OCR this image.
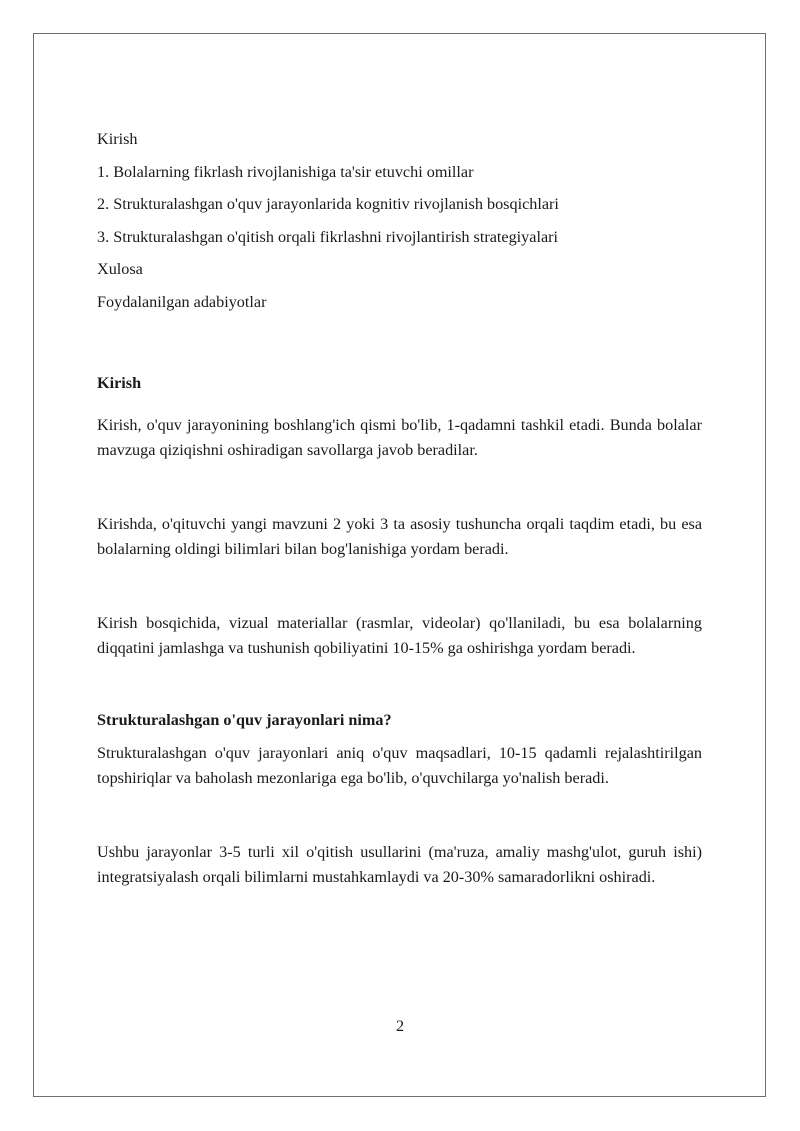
Kirish
1. Bolalarning fikrlash rivojlanishiga ta'sir etuvchi omillar
2. Strukturalashgan o'quv jarayonlarida kognitiv rivojlanish bosqichlari
3. Strukturalashgan o'qitish orqali fikrlashni rivojlantirish strategiyalari
Xulosa
Foydalanilgan adabiyotlar
Kirish

Kirish, o'quv jarayonining boshlang'ich qismi bo'lib, 1-qadamni tashkil etadi. Bunda bolalar mavzuga qiziqishni oshiradigan savollarga javob beradilar.

Kirishda, o'qituvchi yangi mavzuni 2 yoki 3 ta asosiy tushuncha orqali taqdim etadi, bu esa bolalarning oldingi bilimlari bilan bog'lanishiga yordam beradi.

Kirish bosqichida, vizual materiallar (rasmlar, videolar) qo'llaniladi, bu esa bolalarning diqqatini jamlashga va tushunish qobiliyatini 10-15% ga oshirishga yordam beradi.

Strukturalashgan o'quv jarayonlari nima?

Strukturalashgan o'quv jarayonlari aniq o'quv maqsadlari, 10-15 qadamli rejalashtirilgan topshiriqlar va baholash mezonlariga ega bo'lib, o'quvchilarga yo'nalish beradi.

Ushbu jarayonlar 3-5 turli xil o'qitish usullarini (ma'ruza, amaliy mashg'ulot, guruh ishi) integratsiyalash orqali bilimlarni mustahkamlaydi va 20-30% samaradorlikni oshiradi.

2
